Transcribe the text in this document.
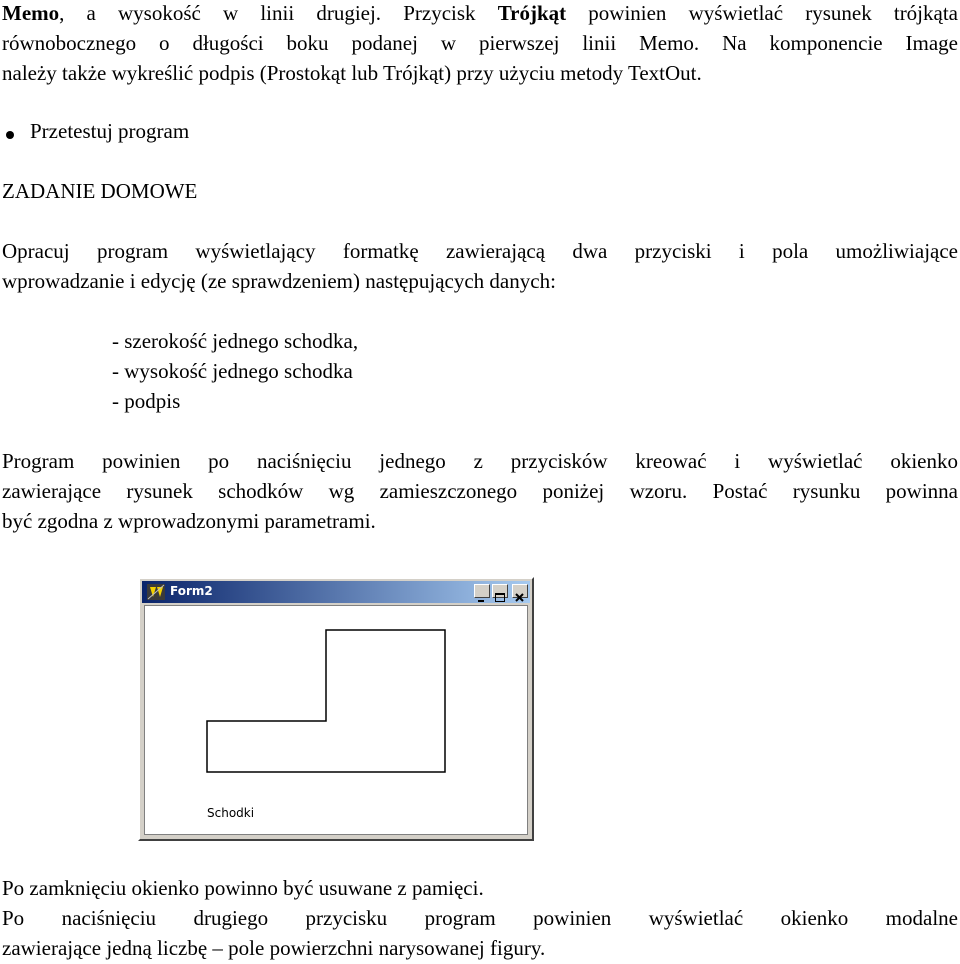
Memo, a wysokość w linii drugiej. Przycisk Trójkąt powinien wyświetlać rysunek trójkąta
równobocznego o długości boku podanej w pierwszej linii Memo. Na komponencie Image
należy także wykreślić podpis (Prostokąt lub Trójkąt) przy użyciu metody TextOut.
Przetestuj program
ZADANIE DOMOWE
Opracuj program wyświetlający formatkę zawierającą dwa przyciski i pola umożliwiające
wprowadzanie i edycję (ze sprawdzeniem) następujących danych:
- szerokość jednego schodka,
- wysokość jednego schodka
- podpis
Program powinien po naciśnięciu jednego z przycisków kreować i wyświetlać okienko
zawierające rysunek schodków wg zamieszczonego poniżej wzoru. Postać rysunku powinna
być zgodna z wprowadzonymi parametrami.
Form2
Schodki
Po zamknięciu okienko powinno być usuwane z pamięci.
Po naciśnięciu drugiego przycisku program powinien wyświetlać okienko modalne
zawierające jedną liczbę – pole powierzchni narysowanej figury.
